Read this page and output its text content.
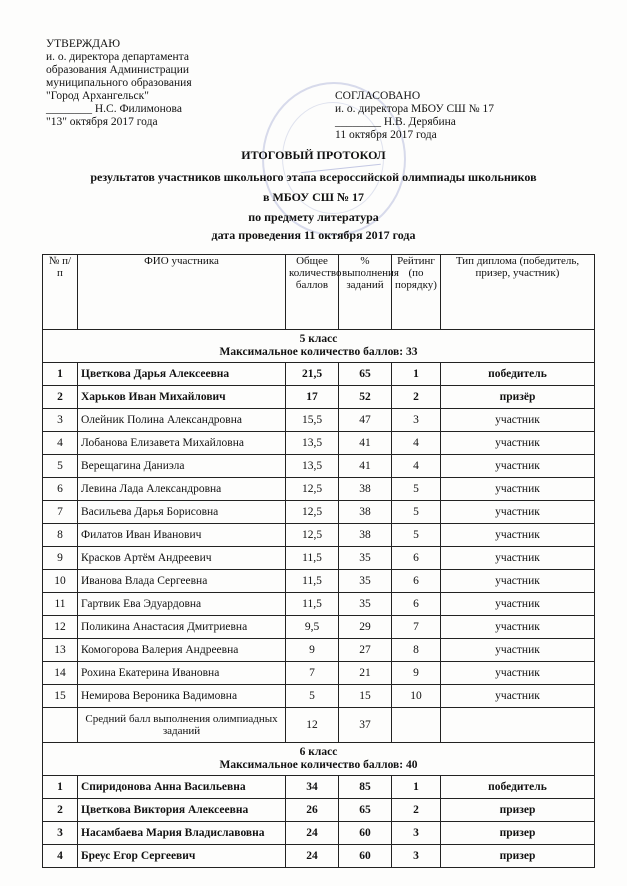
УТВЕРЖДАЮ
и. о. директора департамента
образования Администрации
муниципального образования
"Город Архангельск"
________ Н.С. Филимонова
"13" октября 2017 года
СОГЛАСОВАНО
и. о. директора МБОУ СШ № 17
________ Н.В. Дерябина
11 октября 2017 года
ИТОГОВЫЙ ПРОТОКОЛ
результатов участников школьного этапа всероссийской олимпиады школьников
в МБОУ СШ № 17
по предмету литература
дата проведения 11 октября 2017 года
№ п/п	ФИО участника	Общее количество баллов	% выполнения заданий	Рейтинг (по порядку)	Тип диплома (победитель, призер, участник)

5 класс
Максимальное количество баллов: 33					

1	Цветкова Дарья Алексеевна	21,5	65	1	победитель
2	Харьков Иван Михайлович	17	52	2	призёр
3	Олейник Полина Александровна	15,5	47	3	участник
4	Лобанова Елизавета Михайловна	13,5	41	4	участник
5	Верещагина Даниэла	13,5	41	4	участник
6	Левина Лада Александровна	12,5	38	5	участник
7	Васильева Дарья Борисовна	12,5	38	5	участник
8	Филатов Иван Иванович	12,5	38	5	участник
9	Красков Артём Андреевич	11,5	35	6	участник
10	Иванова Влада Сергеевна	11,5	35	6	участник
11	Гартвик Ева Эдуардовна	11,5	35	6	участник
12	Поликина Анастасия Дмитриевна	9,5	29	7	участник
13	Комогорова Валерия Андреевна	9	27	8	участник
14	Рохина Екатерина Ивановна	7	21	9	участник
15	Немирова Вероника Вадимовна	5	15	10	участник
	Средний балл выполнения олимпиадных заданий	12	37		

6 класс
Максимальное количество баллов: 40					

1	Спиридонова Анна Васильевна	34	85	1	победитель
2	Цветкова Виктория Алексеевна	26	65	2	призер
3	Насамбаева Мария Владиславовна	24	60	3	призер
4	Бреус Егор Сергеевич	24	60	3	призер
